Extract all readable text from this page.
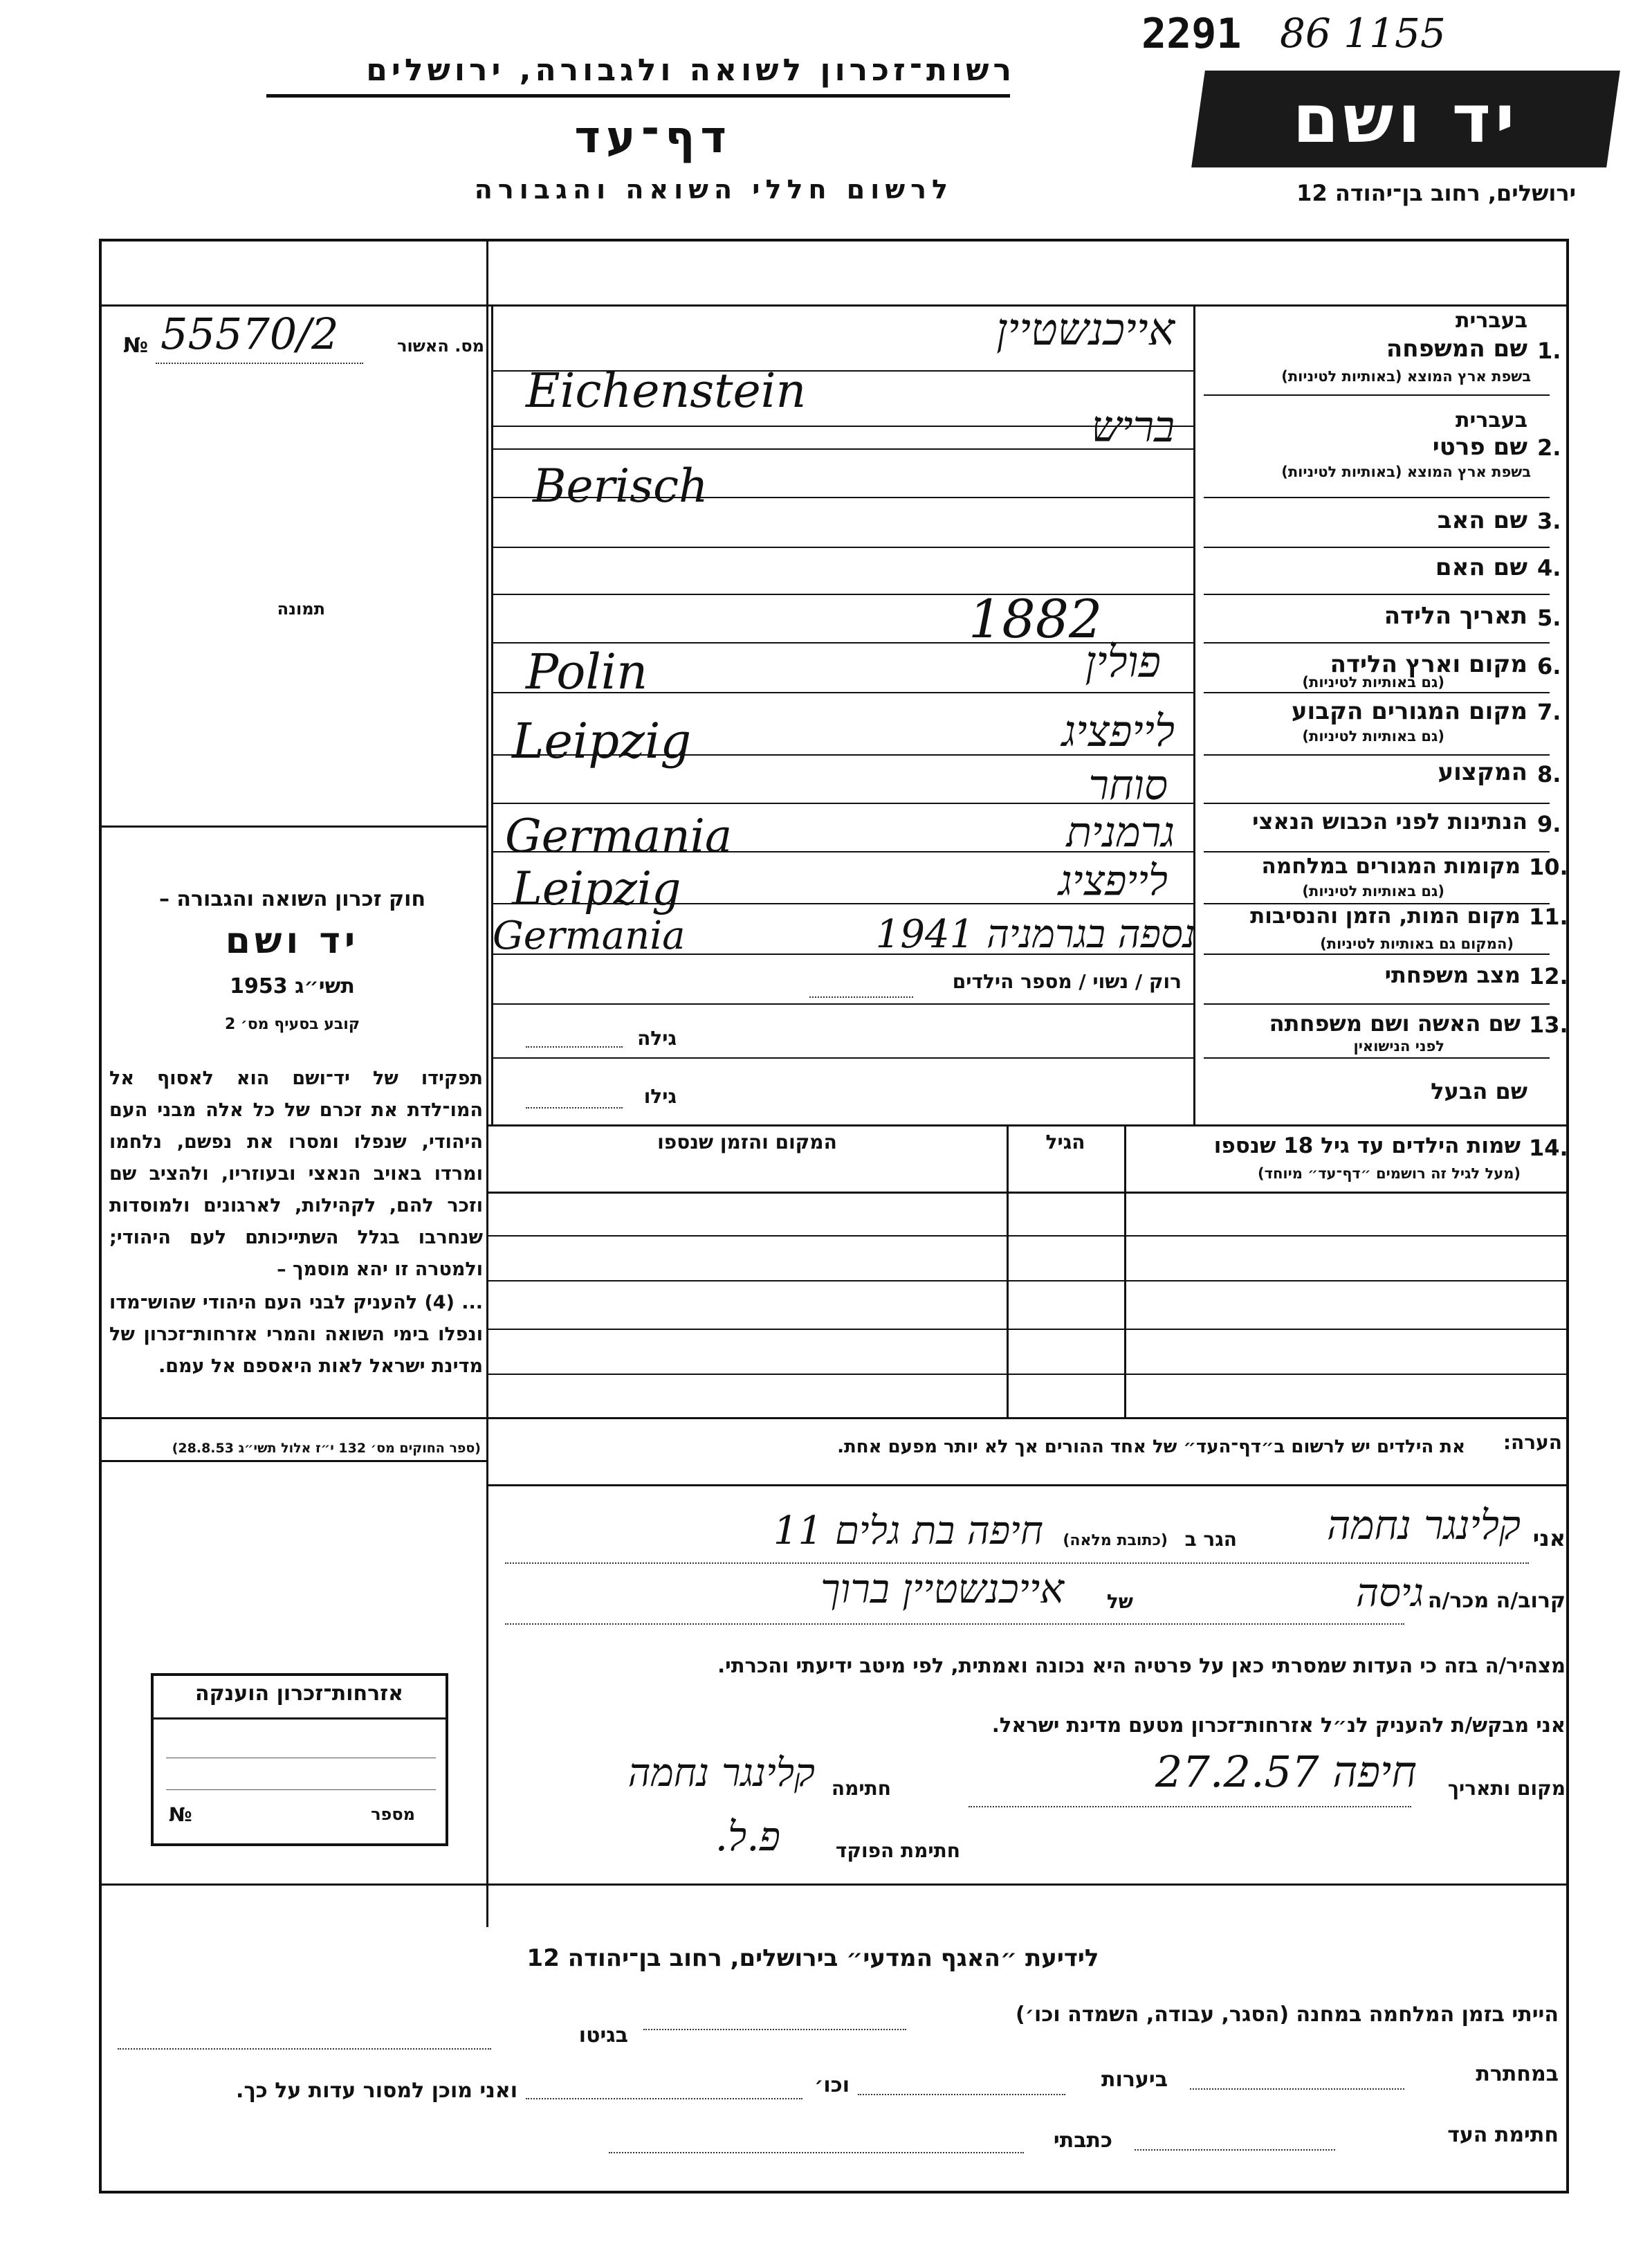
רשות־זכרון לשואה ולגבורה, ירושלים
דף־עד
לרשום חללי השואה והגבורה
2291 86 1155
יד ושם
ירושלים, רחוב בן־יהודה 12
№ 55570/2	מס. האשור
תמונה
חוק זכרון השואה והגבורה –
יד ושם
תשי״ג 1953
קובע בסעיף מס׳ 2
תפקידו של יד־ושם הוא לאסוף אל המו־לדת את זכרם של כל אלה מבני העם היהודי, שנפלו ומסרו את נפשם, נלחמו ומרדו באויב הנאצי ובעוזריו, ולהציב שם וזכר להם, לקהילות, לארגונים ולמוסדות שנחרבו בגלל השתייכותם לעם היהודי; ולמטרה זו יהא מוסמך –
... (4) להעניק לבני העם היהודי שהוש־מדו ונפלו בימי השואה והמרי אזרחות־זכרון של מדינת ישראל לאות היאספם אל עמם.
(ספר החוקים מס׳ 132 י״ז אלול תשי״ג 28.8.53)
בעברית
1.
שם המשפחה
בשפת ארץ המוצא (באותיות לטיניות)
אייכנשטיין
Eichenstein
בעברית
2.
שם פרטי
בשפת ארץ המוצא (באותיות לטיניות)
בריש
Berisch
3.
שם האב
4.
שם האם
5.
תאריך הלידה
1882
6.
מקום וארץ הלידה
(גם באותיות לטיניות)
פולין
Polin
7.
מקום המגורים הקבוע
(גם באותיות לטיניות)
לייפציג
Leipzig
8.
המקצוע
סוחר
9.
הנתינות לפני הכבוש הנאצי
גרמנית
Germania
10.
מקומות המגורים במלחמה
(גם באותיות לטיניות)
לייפציג
Leipzig
11.
מקום המות, הזמן והנסיבות
(המקום גם באותיות לטיניות)
נספה בגרמניה 1941
Germania
12.
מצב משפחתי
רוק / נשוי / מספר הילדים
13.
שם האשה ושם משפחתה
לפני הנישואין
גילה
שם הבעל
גילו
14.
שמות הילדים עד גיל 18 שנספו
(מעל לגיל זה רושמים ״דף־עד״ מיוחד)
הגיל
המקום והזמן שנספו
הערה:
את הילדים יש לרשום ב״דף־העד״ של אחד ההורים אך לא יותר מפעם אחת.
אני
קלינגר נחמה
הגר ב
(כתובת מלאה)
חיפה בת גלים 11
קרוב/ה מכר/ה
גיסה
של
אייכנשטיין ברוך
מצהיר/ה בזה כי העדות שמסרתי כאן על פרטיה היא נכונה ואמתית, לפי מיטב ידיעתי והכרתי.
אני מבקש/ת להעניק לנ״ל אזרחות־זכרון מטעם מדינת ישראל.
מקום ותאריך
חיפה 27.2.57
חתימה
קלינגר נחמה
חתימת הפוקד
פ.ל.
אזרחות־זכרון הוענקה
מספר
№
לידיעת ״האגף המדעי״ בירושלים, רחוב בן־יהודה 12
הייתי בזמן המלחמה במחנה (הסגר, עבודה, השמדה וכו׳)
בגיטו
במחתרת
ביערות
וכו׳
ואני מוכן למסור עדות על כך.
חתימת העד
כתבתי
